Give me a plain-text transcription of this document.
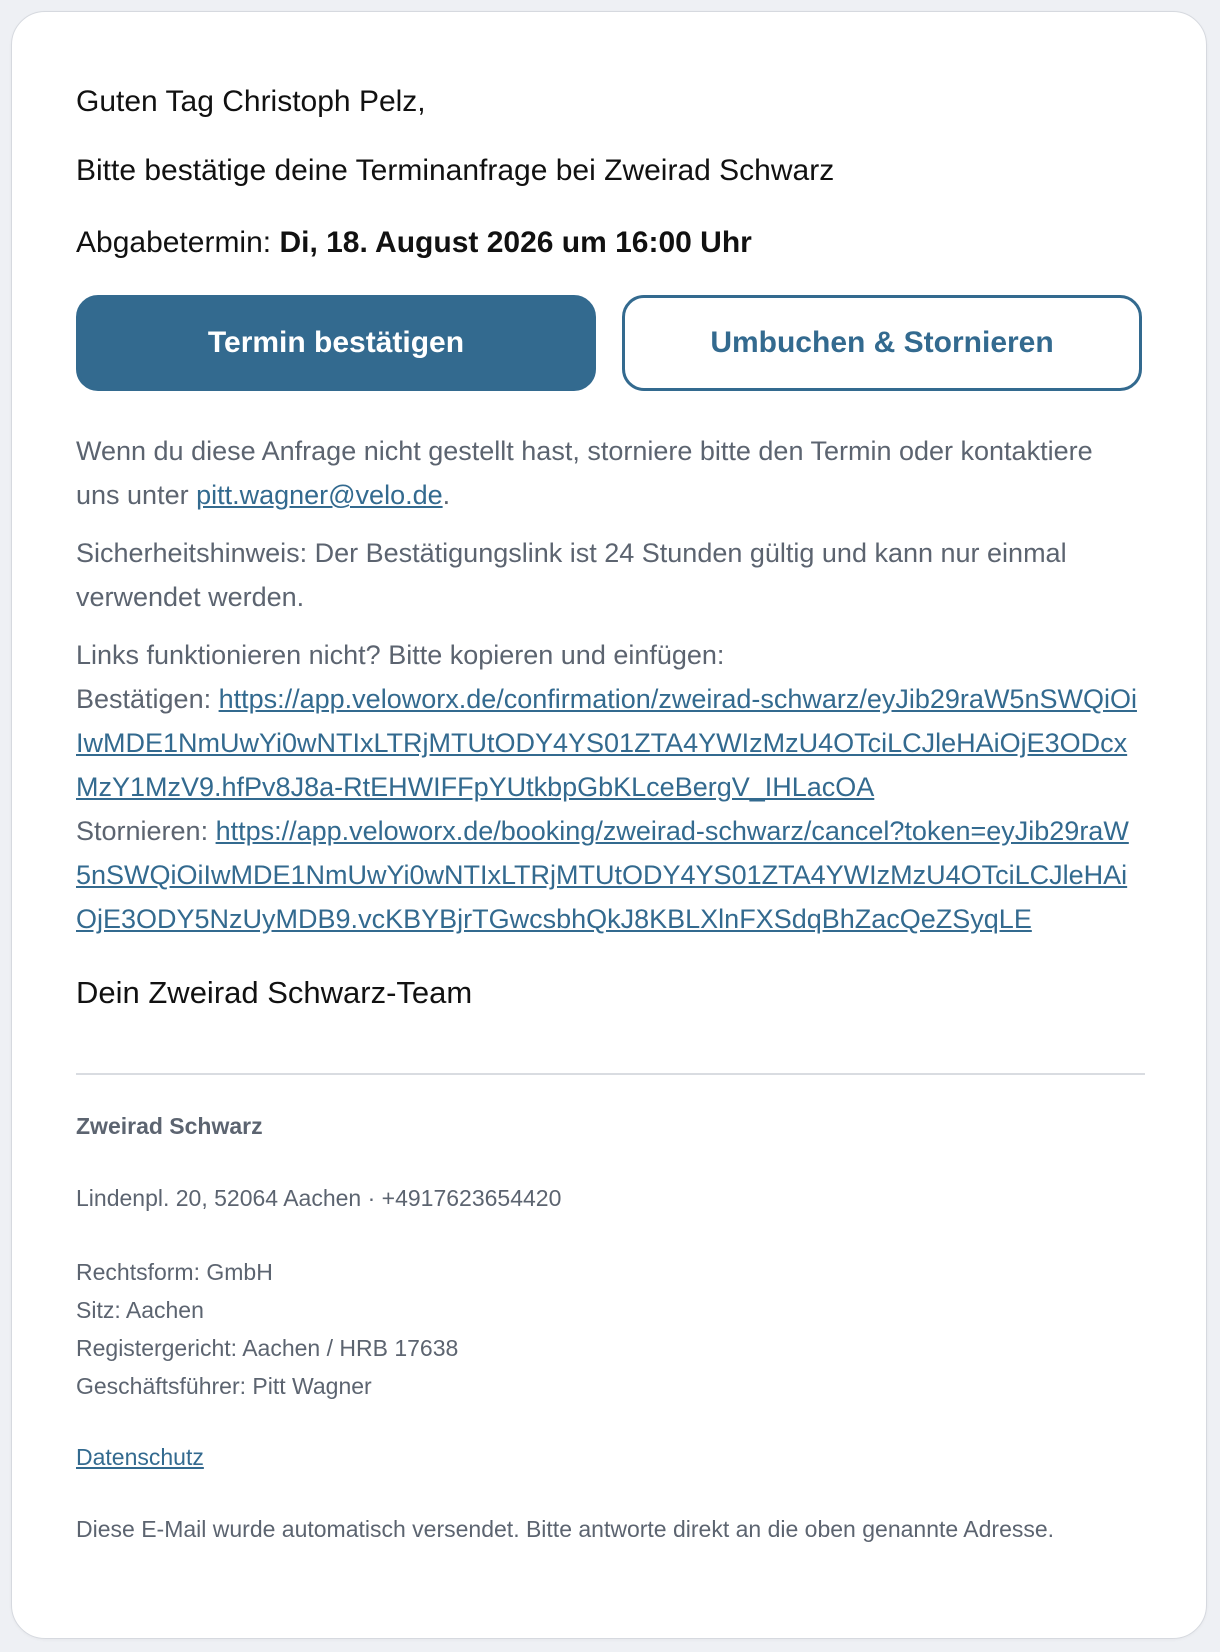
Guten Tag Christoph Pelz,

Bitte bestätige deine Terminanfrage bei Zweirad Schwarz

Abgabetermin: Di, 18. August 2026 um 16:00 Uhr

Termin bestätigen	Umbuchen & Stornieren

Wenn du diese Anfrage nicht gestellt hast, storniere bitte den Termin oder kontaktiere uns unter pitt.wagner@velo.de.

Sicherheitshinweis: Der Bestätigungslink ist 24 Stunden gültig und kann nur einmal verwendet werden.

Links funktionieren nicht? Bitte kopieren und einfügen:
Bestätigen: https://app.veloworx.de/confirmation/zweirad-schwarz/eyJib29raW5nSWQiOiIwMDE1NmUwYi0wNTIxLTRjMTUtODY4YS01ZTA4YWIzMzU4OTciLCJleHAiOjE3ODcxMzY1MzV9.hfPv8J8a-RtEHWIFFpYUtkbpGbKLceBergV_IHLacOA
Stornieren: https://app.veloworx.de/booking/zweirad-schwarz/cancel?token=eyJib29raW5nSWQiOiIwMDE1NmUwYi0wNTIxLTRjMTUtODY4YS01ZTA4YWIzMzU4OTciLCJleHAiOjE3ODY5NzUyMDB9.vcKBYBjrTGwcsbhQkJ8KBLXlnFXSdqBhZacQeZSyqLE

Dein Zweirad Schwarz-Team

Zweirad Schwarz
Lindenpl. 20, 52064 Aachen · +4917623654420
Rechtsform: GmbH
Sitz: Aachen
Registergericht: Aachen / HRB 17638
Geschäftsführer: Pitt Wagner
Datenschutz
Diese E-Mail wurde automatisch versendet. Bitte antworte direkt an die oben genannte Adresse.
